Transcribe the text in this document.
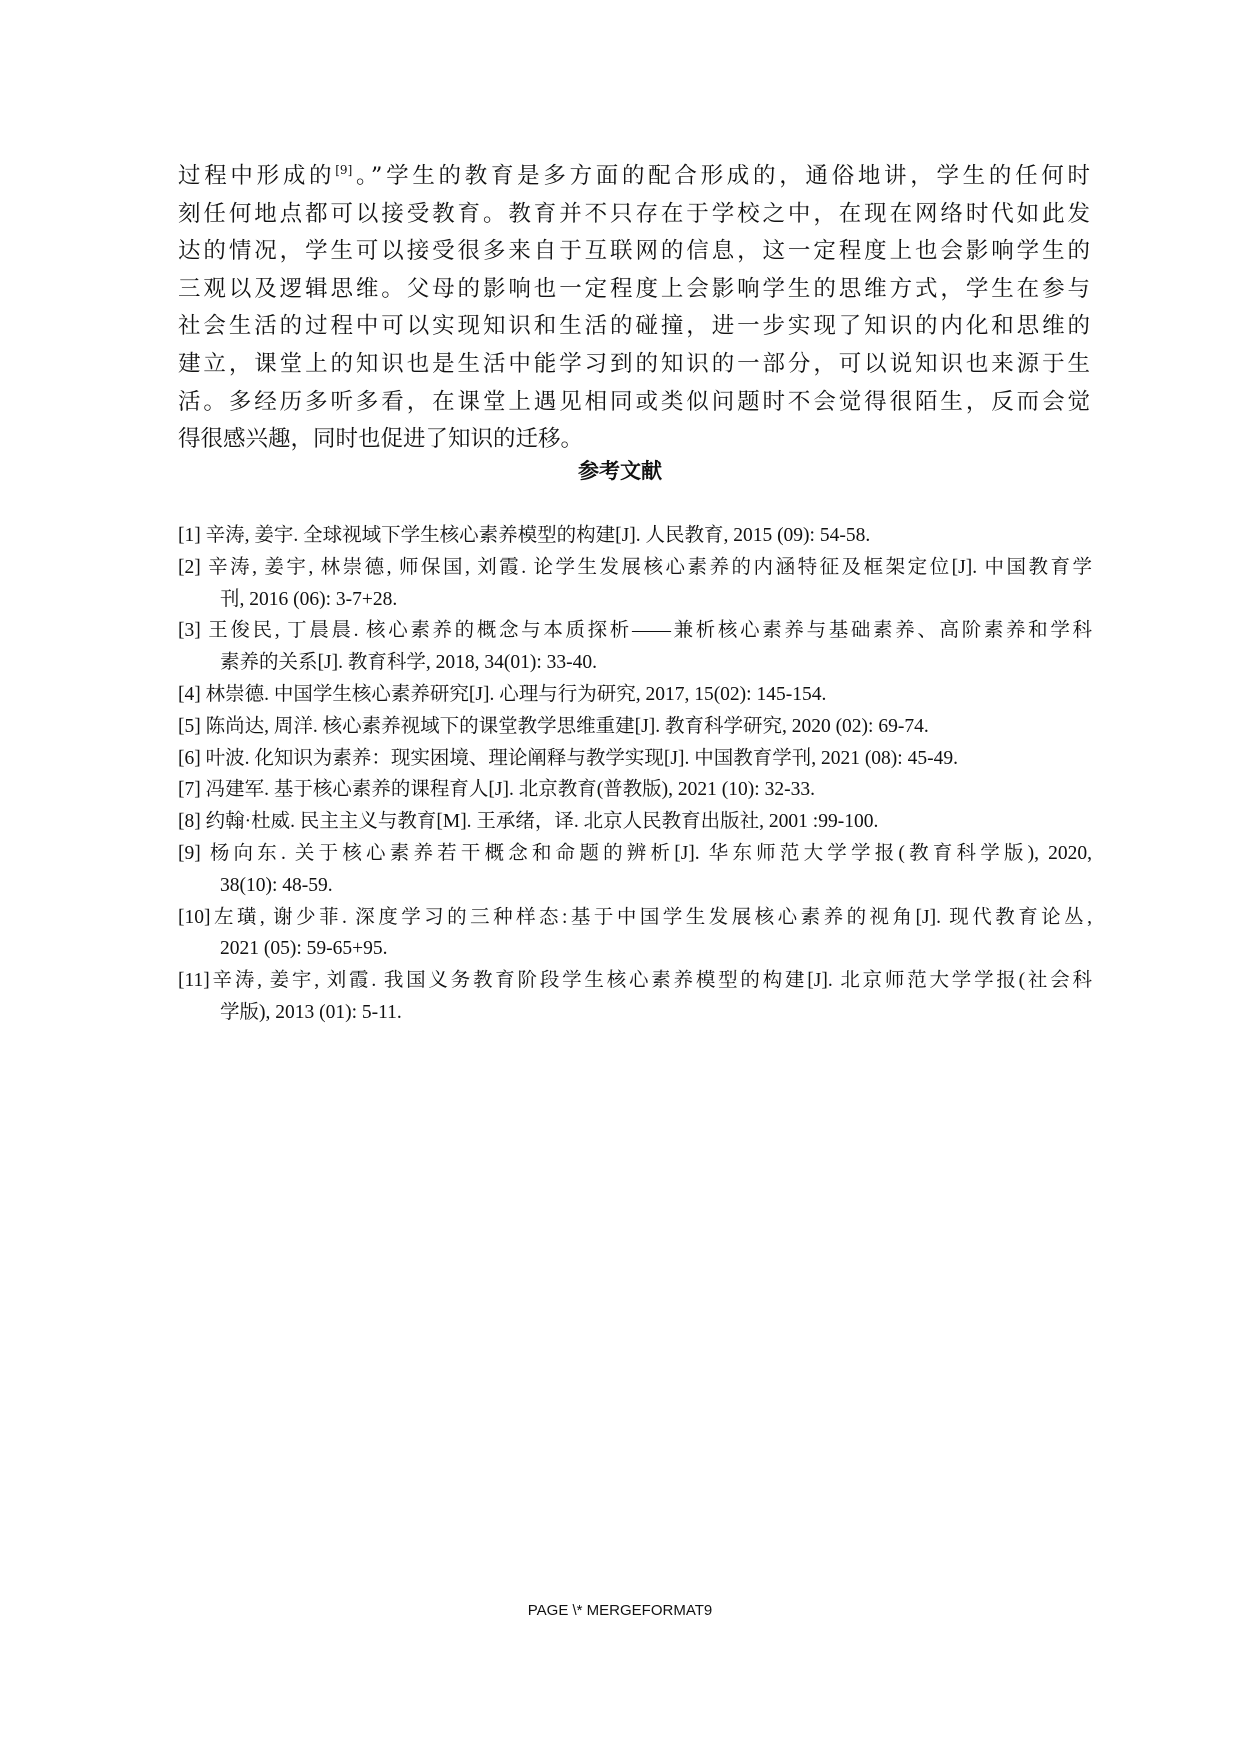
过程中形成的[9]。”学生的教育是多方面的配合形成的，通俗地讲，学生的任何时
刻任何地点都可以接受教育。教育并不只存在于学校之中，在现在网络时代如此发
达的情况，学生可以接受很多来自于互联网的信息，这一定程度上也会影响学生的
三观以及逻辑思维。父母的影响也一定程度上会影响学生的思维方式，学生在参与
社会生活的过程中可以实现知识和生活的碰撞，进一步实现了知识的内化和思维的
建立，课堂上的知识也是生活中能学习到的知识的一部分，可以说知识也来源于生
活。多经历多听多看，在课堂上遇见相同或类似问题时不会觉得很陌生，反而会觉
得很感兴趣，同时也促进了知识的迁移。
参考文献
[1] 辛涛, 姜宇. 全球视域下学生核心素养模型的构建[J]. 人民教育, 2015 (09): 54-58.
[2] 辛涛, 姜宇, 林崇德, 师保国, 刘霞. 论学生发展核心素养的内涵特征及框架定位[J]. 中国教育学
刊, 2016 (06): 3-7+28.
[3] 王俊民, 丁晨晨. 核心素养的概念与本质探析——兼析核心素养与基础素养、高阶素养和学科
素养的关系[J]. 教育科学, 2018, 34(01): 33-40.
[4] 林崇德. 中国学生核心素养研究[J]. 心理与行为研究, 2017, 15(02): 145-154.
[5] 陈尚达, 周洋. 核心素养视域下的课堂教学思维重建[J]. 教育科学研究, 2020 (02): 69-74.
[6] 叶波. 化知识为素养：现实困境、理论阐释与教学实现[J]. 中国教育学刊, 2021 (08): 45-49.
[7] 冯建军. 基于核心素养的课程育人[J]. 北京教育(普教版), 2021 (10): 32-33.
[8] 约翰·杜威. 民主主义与教育[M]. 王承绪，译. 北京人民教育出版社, 2001 :99-100.
[9] 杨向东. 关于核心素养若干概念和命题的辨析[J]. 华东师范大学学报(教育科学版), 2020,
38(10): 48-59.
[10]左璜, 谢少菲. 深度学习的三种样态:基于中国学生发展核心素养的视角[J]. 现代教育论丛,
2021 (05): 59-65+95.
[11]辛涛, 姜宇, 刘霞. 我国义务教育阶段学生核心素养模型的构建[J]. 北京师范大学学报(社会科
学版), 2013 (01): 5-11.
PAGE \* MERGEFORMAT9
